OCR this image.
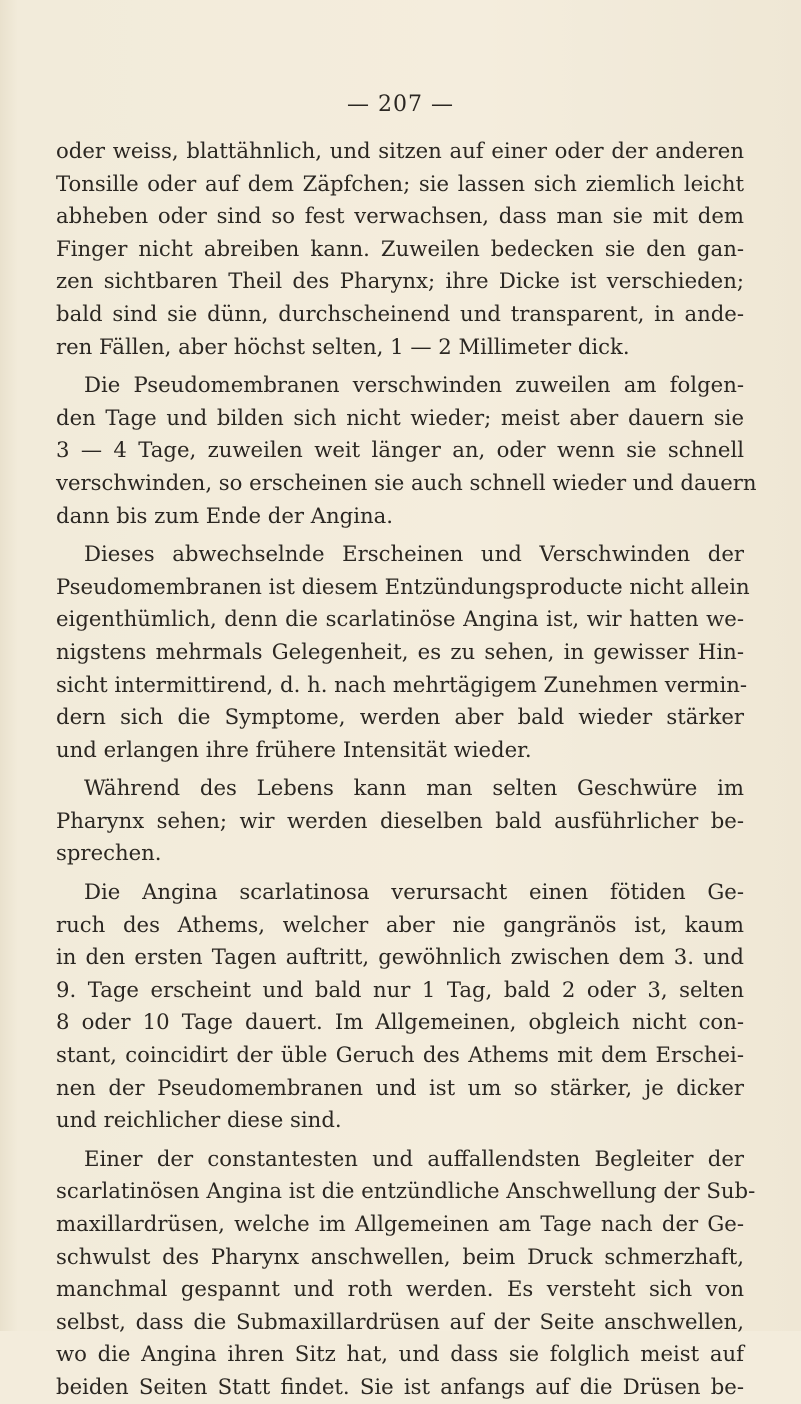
— 207 —
oder weiss, blattähnlich, und sitzen auf einer oder der anderen
Tonsille oder auf dem Zäpfchen; sie lassen sich ziemlich leicht
abheben oder sind so fest verwachsen, dass man sie mit dem
Finger nicht abreiben kann. Zuweilen bedecken sie den gan-
zen sichtbaren Theil des Pharynx; ihre Dicke ist verschieden;
bald sind sie dünn, durchscheinend und transparent, in ande-
ren Fällen, aber höchst selten, 1 — 2 Millimeter dick.
Die Pseudomembranen verschwinden zuweilen am folgen-
den Tage und bilden sich nicht wieder; meist aber dauern sie
3 — 4 Tage, zuweilen weit länger an, oder wenn sie schnell
verschwinden, so erscheinen sie auch schnell wieder und dauern
dann bis zum Ende der Angina.
Dieses abwechselnde Erscheinen und Verschwinden der
Pseudomembranen ist diesem Entzündungsproducte nicht allein
eigenthümlich, denn die scarlatinöse Angina ist, wir hatten we-
nigstens mehrmals Gelegenheit, es zu sehen, in gewisser Hin-
sicht intermittirend, d. h. nach mehrtägigem Zunehmen vermin-
dern sich die Symptome, werden aber bald wieder stärker
und erlangen ihre frühere Intensität wieder.
Während des Lebens kann man selten Geschwüre im
Pharynx sehen; wir werden dieselben bald ausführlicher be-
sprechen.
Die Angina scarlatinosa verursacht einen fötiden Ge-
ruch des Athems, welcher aber nie gangränös ist, kaum
in den ersten Tagen auftritt, gewöhnlich zwischen dem 3. und
9. Tage erscheint und bald nur 1 Tag, bald 2 oder 3, selten
8 oder 10 Tage dauert. Im Allgemeinen, obgleich nicht con-
stant, coincidirt der üble Geruch des Athems mit dem Erschei-
nen der Pseudomembranen und ist um so stärker, je dicker
und reichlicher diese sind.
Einer der constantesten und auffallendsten Begleiter der
scarlatinösen Angina ist die entzündliche Anschwellung der Sub-
maxillardrüsen, welche im Allgemeinen am Tage nach der Ge-
schwulst des Pharynx anschwellen, beim Druck schmerzhaft,
manchmal gespannt und roth werden. Es versteht sich von
selbst, dass die Submaxillardrüsen auf der Seite anschwellen,
wo die Angina ihren Sitz hat, und dass sie folglich meist auf
beiden Seiten Statt findet. Sie ist anfangs auf die Drüsen be-
